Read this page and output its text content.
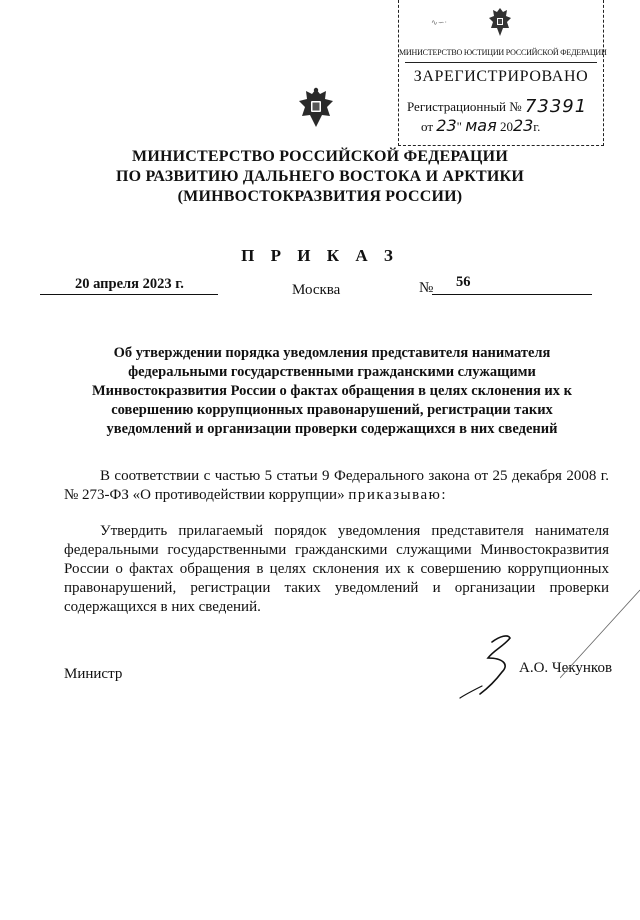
∿∽·
МИНИСТЕРСТВО ЮСТИЦИИ РОССИЙСКОЙ ФЕДЕРАЦИИ
ЗАРЕГИСТРИРОВАНО
Регистрационный № 73391
от 23" мая 2023г.
МИНИСТЕРСТВО РОССИЙСКОЙ ФЕДЕРАЦИИ
ПО РАЗВИТИЮ ДАЛЬНЕГО ВОСТОКА И АРКТИКИ
(МИНВОСТОКРАЗВИТИЯ РОССИИ)
П Р И К А З
20 апреля 2023 г.	Москва	№ 56
Об утверждении порядка уведомления представителя нанимателя федеральными государственными гражданскими служащими Минвостокразвития России о фактах обращения в целях склонения их к совершению коррупционных правонарушений, регистрации таких уведомлений и организации проверки содержащихся в них сведений
В соответствии с частью 5 статьи 9 Федерального закона от 25 декабря 2008 г. № 273-ФЗ «О противодействии коррупции» приказываю:
Утвердить прилагаемый порядок уведомления представителя нанимателя федеральными государственными гражданскими служащими Минвостокразвития России о фактах обращения в целях склонения их к совершению коррупционных правонарушений, регистрации таких уведомлений и организации проверки содержащихся в них сведений.
Министр	А.О. Чекунков
